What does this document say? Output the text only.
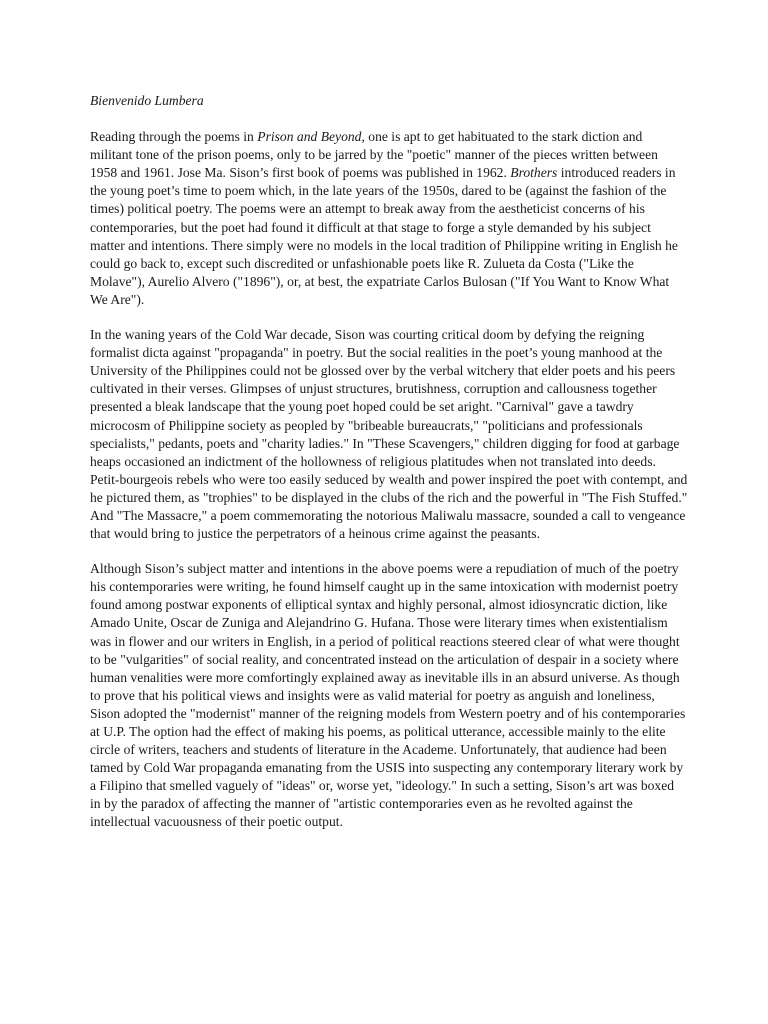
Bienvenido Lumbera

Reading through the poems in Prison and Beyond, one is apt to get habituated to the stark diction and militant tone of the prison poems, only to be jarred by the "poetic" manner of the pieces written between 1958 and 1961. Jose Ma. Sison’s first book of poems was published in 1962. Brothers introduced readers in the young poet’s time to poem which, in the late years of the 1950s, dared to be (against the fashion of the times) political poetry. The poems were an attempt to break away from the aestheticist concerns of his contemporaries, but the poet had found it difficult at that stage to forge a style demanded by his subject matter and intentions. There simply were no models in the local tradition of Philippine writing in English he could go back to, except such discredited or unfashionable poets like R. Zulueta da Costa ("Like the Molave"), Aurelio Alvero ("1896"), or, at best, the expatriate Carlos Bulosan ("If You Want to Know What We Are").

In the waning years of the Cold War decade, Sison was courting critical doom by defying the reigning formalist dicta against "propaganda" in poetry. But the social realities in the poet’s young manhood at the University of the Philippines could not be glossed over by the verbal witchery that elder poets and his peers cultivated in their verses. Glimpses of unjust structures, brutishness, corruption and callousness together presented a bleak landscape that the young poet hoped could be set aright. "Carnival" gave a tawdry microcosm of Philippine society as peopled by "bribeable bureaucrats," "politicians and professionals specialists," pedants, poets and "charity ladies." In "These Scavengers," children digging for food at garbage heaps occasioned an indictment of the hollowness of religious platitudes when not translated into deeds. Petit-bourgeois rebels who were too easily seduced by wealth and power inspired the poet with contempt, and he pictured them, as "trophies" to be displayed in the clubs of the rich and the powerful in "The Fish Stuffed." And "The Massacre," a poem commemorating the notorious Maliwalu massacre, sounded a call to vengeance that would bring to justice the perpetrators of a heinous crime against the peasants.

Although Sison’s subject matter and intentions in the above poems were a repudiation of much of the poetry his contemporaries were writing, he found himself caught up in the same intoxication with modernist poetry found among postwar exponents of elliptical syntax and highly personal, almost idiosyncratic diction, like Amado Unite, Oscar de Zuniga and Alejandrino G. Hufana. Those were literary times when existentialism was in flower and our writers in English, in a period of political reactions steered clear of what were thought to be "vulgarities" of social reality, and concentrated instead on the articulation of despair in a society where human venalities were more comfortingly explained away as inevitable ills in an absurd universe. As though to prove that his political views and insights were as valid material for poetry as anguish and loneliness, Sison adopted the "modernist" manner of the reigning models from Western poetry and of his contemporaries at U.P. The option had the effect of making his poems, as political utterance, accessible mainly to the elite circle of writers, teachers and students of literature in the Academe. Unfortunately, that audience had been tamed by Cold War propaganda emanating from the USIS into suspecting any contemporary literary work by a Filipino that smelled vaguely of "ideas" or, worse yet, "ideology." In such a setting, Sison’s art was boxed in by the paradox of affecting the manner of "artistic contemporaries even as he revolted against the intellectual vacuousness of their poetic output.
